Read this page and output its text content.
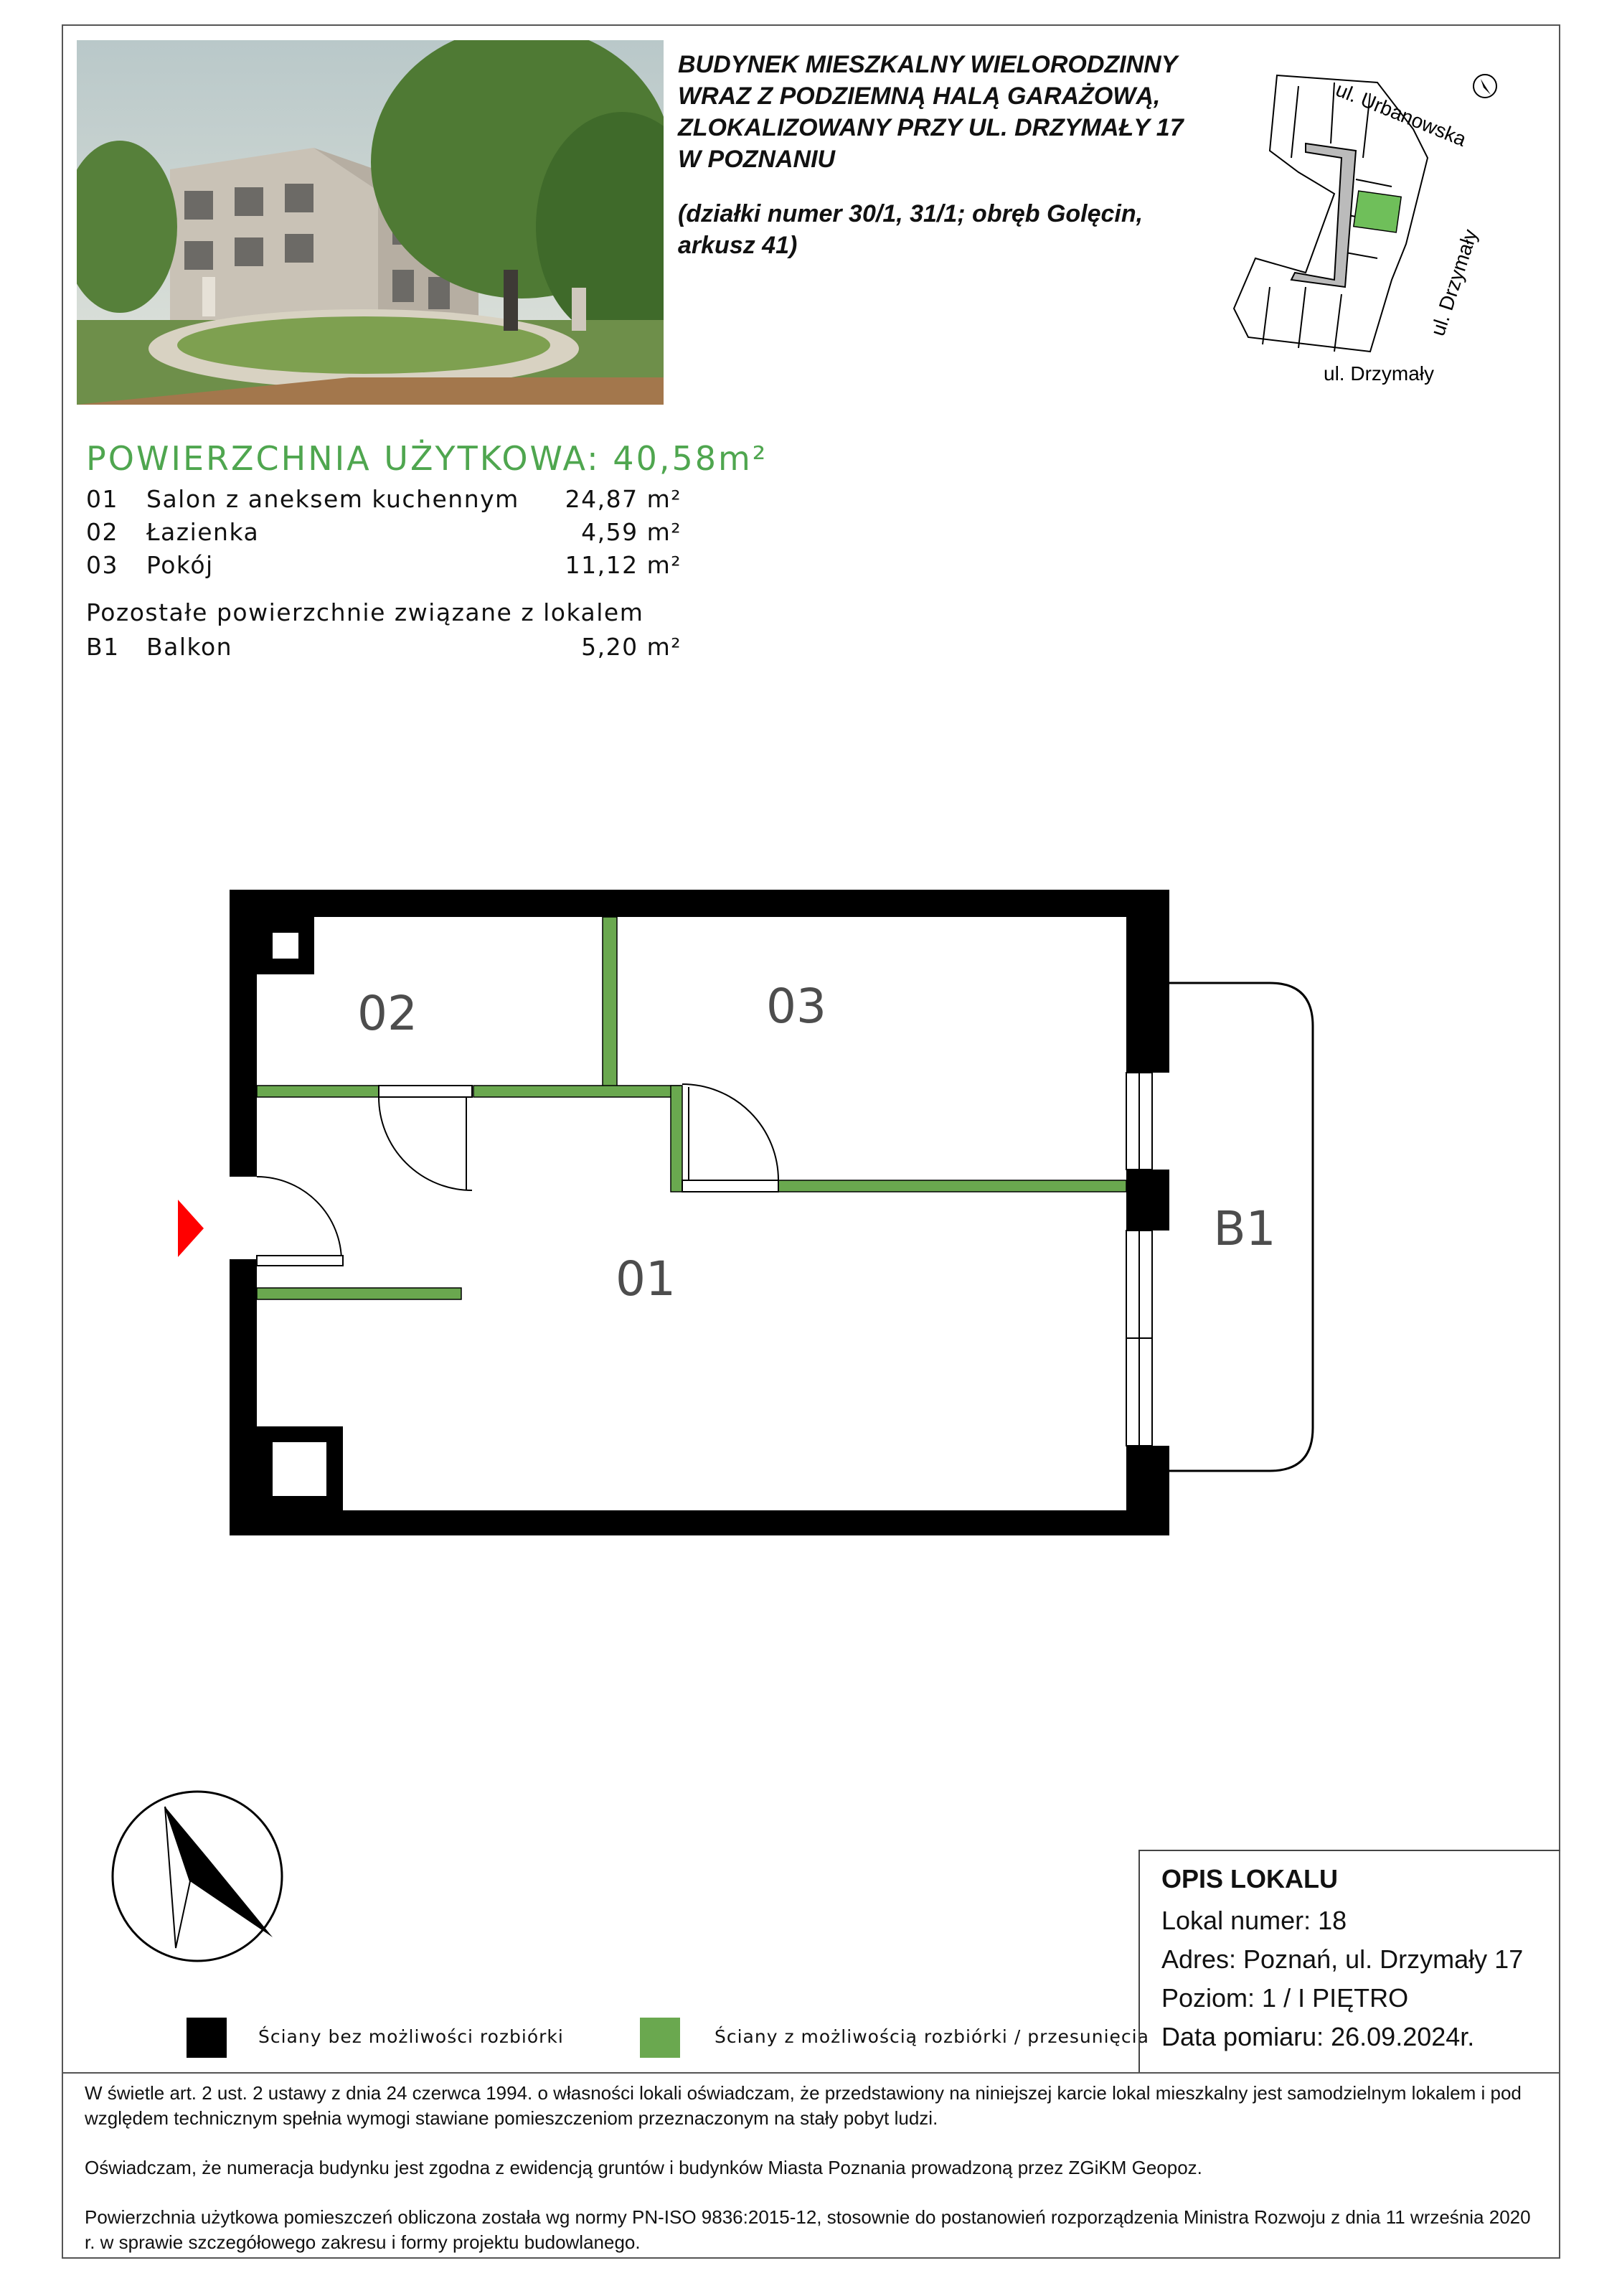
BUDYNEK MIESZKALNY WIELORODZINNY
WRAZ Z PODZIEMNĄ HALĄ GARAŻOWĄ,
ZLOKALIZOWANY PRZY UL. DRZYMAŁY 17
W POZNANIU
(działki numer 30/1, 31/1; obręb Golęcin,
arkusz 41)
ul. Urbanowska
ul. Drzymały
ul. Drzymały
POWIERZCHNIA UŻYTKOWA: 40,58m²
01 Salon z aneksem kuchennym 24,87 m²
02 Łazienka	4,59 m²
03 Pokój	11,12 m²
Pozostałe powierzchnie związane z lokalem
B1 Balkon	5,20 m²
02	03
01
B1
Ściany bez możliwości rozbiórki	Ściany z możliwością rozbiórki / przesunięcia
OPIS LOKALU
Lokal numer: 18
Adres: Poznań, ul. Drzymały 17
Poziom: 1 / I PIĘTRO
Data pomiaru: 26.09.2024r.

W świetle art. 2 ust. 2 ustawy z dnia 24 czerwca 1994. o własności lokali oświadczam, że przedstawiony na niniejszej karcie lokal mieszkalny jest samodzielnym lokalem i pod względem technicznym spełnia wymogi stawiane pomieszczeniom przeznaczonym na stały pobyt ludzi.

Oświadczam, że numeracja budynku jest zgodna z ewidencją gruntów i budynków Miasta Poznania prowadzoną przez ZGiKM Geopoz.

Powierzchnia użytkowa pomieszczeń obliczona została wg normy PN-ISO 9836:2015-12, stosownie do postanowień rozporządzenia Ministra Rozwoju z dnia 11 września 2020 r. w sprawie szczegółowego zakresu i formy projektu budowlanego.
